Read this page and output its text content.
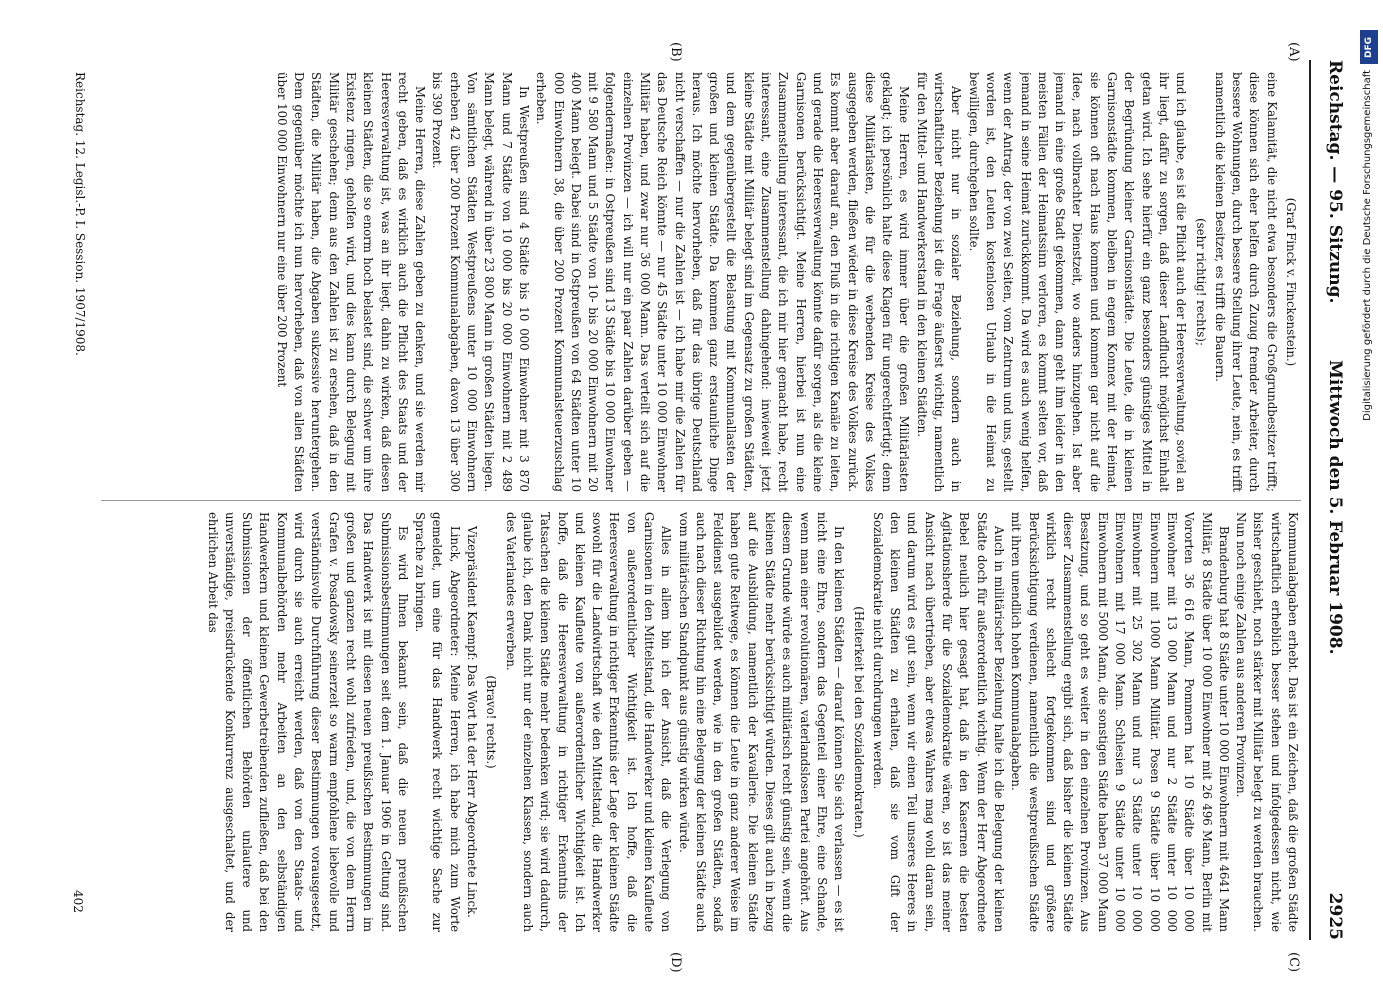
Reichstag. — 95. Sitzung.
Mittwoch den 5. Februar 1908.
2925
(A)
(B)
(C)
(D)

(Graf Finck v. Finckenstein.)

eine Kalamität, die nicht etwa besonders die Großgrundbesitzer trifft; diese können sich eher helfen durch Zuzug fremder Arbeiter, durch bessere Wohnungen, durch bessere Stellung ihrer Leute, nein, es trifft namentlich die kleinen Besitzer, es trifft die Bauern.

(sehr richtig! rechts);

und ich glaube, es ist die Pflicht auch der Heeresverwaltung, soviel an ihr liegt, dafür zu sorgen, daß dieser Landflucht möglichst Einhalt getan wird. Ich sehe hierfür ein ganz besonders günstiges Mittel in der Begründung kleiner Garnisonstädte. Die Leute, die in kleinen Garnisonstädte kommen, bleiben in engem Konnex mit der Heimat, sie können oft nach Haus kommen und kommen gar nicht auf die Idee, nach vollbrachter Dienstzeit, wo anders hinzugehen. Ist aber jemand in eine große Stadt gekommen, dann geht ihm leider in den meisten Fällen der Heimatssinn verloren, es kommt selten vor, daß jemand in seine Heimat zurückkommt. Da wird es auch wenig helfen, wenn der Antrag, der von zwei Seiten, vom Zentrum und uns, gestellt worden ist, den Leuten kostenlosen Urlaub in die Heimat zu bewilligen, durchgehen sollte.

Aber nicht nur in sozialer Beziehung, sondern auch in wirtschaftlicher Beziehung ist die Frage äußerst wichtig, namentlich für den Mittel- und Handwerkerstand in den kleinen Städten.

Meine Herren, es wird immer über die großen Militärlasten geklagt; ich persönlich halte diese Klagen für ungerechtfertigt; denn diese Militärlasten, die für die werbenden Kreise des Volkes ausgegeben werden, fließen wieder in diese Kreise des Volkes zurück. Es kommt aber darauf an, den Fluß in die richtigen Kanäle zu leiten, und gerade die Heeresverwaltung könnte dafür sorgen, als die kleine Garnisonen berücksichtigt. Meine Herren, hierbei ist nun eine Zusammenstellung interessant, die ich mir hier gemacht habe, recht interessant, eine Zusammenstellung dahingehend: inwieweit jetzt kleine Städte mit Militär belegt sind im Gegensatz zu großen Städten, und dem gegenübergestellt die Belastung mit Kommunallasten der großen und kleinen Städte. Da kommen ganz erstaunliche Dinge heraus. Ich möchte hervorheben, daß für das übrige Deutschland nicht verschaffen — nur die Zahlen ist — ich habe mir die Zahlen für das Deutsche Reich könnte — nur 45 Städte unter 10 000 Einwohner Militär haben, und zwar nur 36 000 Mann. Das verteilt sich auf die einzelnen Provinzen — ich will nur ein paar Zahlen darüber geben — folgendermaßen: in Ostpreußen sind 13 Städte bis 10 000 Einwohner mit 9 580 Mann und 5 Städte von 10- bis 20 000 Einwohnern mit 20 400 Mann belegt. Dabei sind in Ostpreußen von 64 Städten unter 10 000 Einwohnern 38, die über 200 Prozent Kommunalsteuerzuschlag erheben.

In Westpreußen sind 4 Städte bis 10 000 Einwohner mit 3 870 Mann und 7 Städte von 10 000 bis 20 000 Einwohnern mit 2 489 Mann belegt, während in über 23 800 Mann in großen Städten liegen. Von sämtlichen Städten Westpreußens unter 10 000 Einwohnern erheben 42 über 200 Prozent Kommunalabgaben, davon 13 über 300 bis 390 Prozent.

Meine Herren, diese Zahlen geben zu denken, und sie werden mir recht geben, daß es wirklich auch die Pflicht des Staats und der Heeresverwaltung ist, was an ihr liegt, dahin zu wirken, daß diesen kleinen Städten, die so enorm hoch belastet sind, die schwer um ihre Existenz ringen, geholfen wird, und dies kann durch Belegung mit Militär geschehen; denn aus den Zahlen ist zu ersehen, daß in den Städten, die Militär haben, die Abgaben sukzessive heruntergehen. Dem gegenüber möchte ich nun hervorheben, daß von allen Städten über 100 000 Einwohnern nur eine über 200 Prozent

Kommunalabgaben erhebt. Das ist ein Zeichen, daß die großen Städte wirtschaftlich erheblich besser stehen und infolgedessen nicht, wie bisher geschieht, noch stärker mit Militär belegt zu werden brauchen. Nun noch einige Zahlen aus anderen Provinzen.

Brandenburg hat 8 Städte unter 10 000 Einwohnern mit 4641 Mann Militär, 8 Städte über 10 000 Einwohner mit 26 496 Mann, Berlin mit Vororten 36 616 Mann, Pommern hat 10 Städte über 10 000 Einwohner mit 13 000 Mann und nur 2 Städte unter 10 000 Einwohnern mit 1000 Mann Militär. Posen 9 Städte über 10 000 Einwohner mit 25 302 Mann und nur 3 Städte unter 10 000 Einwohnern mit 17 000 Mann. Schlesien 9 Städte unter 10 000 Einwohnern mit 5000 Mann, die sonstigen Städte haben 37 000 Mann Besatzung, und so geht es weiter in den einzelnen Provinzen. Aus dieser Zusammenstellung ergibt sich, daß bisher die kleinen Städte wirklich recht schlecht fortgekommen sind und größere Berücksichtigung verdienen, namentlich die westpreußischen Städte mit ihren unendlich hohen Kommunalabgaben.

Auch in militärischer Beziehung halte ich die Belegung der kleinen Städte doch für außerordentlich wichtig. Wenn der Herr Abgeordnete Bebel neulich hier gesagt hat, daß in den Kasernen die besten Agitationsherde für die Sozialdemokratie wären, so ist das meiner Ansicht nach übertrieben, aber etwas Wahres mag wohl daran sein, und darum wird es gut sein, wenn wir einen Teil unseres Heeres in den kleinen Städten zu erhalten, daß sie vom Gift der Sozialdemokratie nicht durchdrungen werden.

(Heiterkeit bei den Sozialdemokraten.)

In den kleinen Städten — darauf können Sie sich verlassen — es ist nicht eine Ehre, sondern das Gegenteil einer Ehre, eine Schande, wenn man einer revolutionären, vaterlandslosen Partei angehört. Aus diesem Grunde würde es auch militärisch recht günstig sein, wenn die kleinen Städte mehr berücksichtigt würden. Dieses gilt auch in bezug auf die Ausbildung, namentlich der Kavallerie. Die kleinen Städte haben gute Reitwege, es können die Leute in ganz anderer Weise im Felddienst ausgebildet werden, wie in den großen Städten, sodaß auch nach dieser Richtung hin eine Belegung der kleinen Städte auch vom militärischen Standpunkt aus günstig wirken würde.

Alles in allem bin ich der Ansicht, daß die Verlegung von Garnisonen in den Mittelstand, die Handwerker und kleinen Kaufleute von außerordentlicher Wichtigkeit ist. Ich hoffe, daß die Heeresverwaltung in richtiger Erkenntnis der Lage der kleinen Städte sowohl für die Landwirtschaft wie den Mittelstand, die Handwerker und kleinen Kaufleute von außerordentlicher Wichtigkeit ist. Ich hoffe, daß die Heeresverwaltung in richtiger Erkenntnis der Tatsachen die kleinen Städte mehr bedenken wird; sie wird dadurch, glaube ich, den Dank nicht nur der einzelnen Klassen, sondern auch des Vaterlandes erwerben.

(Bravo! rechts.)

Vizepräsident Kaempf: Das Wort hat der Herr Abgeordnete Linck.

Linck, Abgeordneter: Meine Herren, ich habe mich zum Worte gemeldet, um eine für das Handwerk recht wichtige Sache zur Sprache zu bringen.

Es wird Ihnen bekannt sein, daß die neuen preußischen Submissionsbestimmungen seit dem 1. Januar 1906 in Geltung sind. Das Handwerk ist mit diesen neuen preußischen Bestimmungen im großen und ganzen recht wohl zufrieden, und, die von dem Herrn Grafen v. Posadowsky seinerzeit so warm empfohlene liebevolle und verständnisvolle Durchführung dieser Bestimmungen vorausgesetzt, wird durch sie auch erreicht werden, daß von den Staats- und Kommunalbehörden mehr Arbeiten an den selbständigen Handwerkern und kleinen Gewerbetreibenden zufließen, daß bei den Submissionen der öffentlichen Behörden unlautere und unverständige, preisdrückende Konkurrenz ausgeschaltet, und der ehrlichen Arbeit das

Reichstag. 12. Legisl.-P. I. Session. 1907/1908.
402
DFG
Digitalisierung gefördert durch die Deutsche Forschungsgemeinschaft
